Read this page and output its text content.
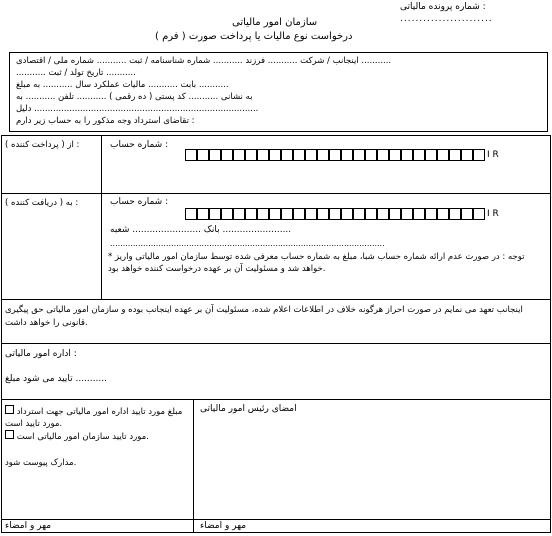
شماره پرونده مالیاتی :
........................
سازمان امور مالیاتی
( فرم ) درخواست نوع مالیات یا پرداخت صورت
اینجانب / شرکت ........... فرزند ........... شماره شناسنامه / ثبت ........... شماره ملی / اقتصادی ...........
........... تاریخ تولد / ثبت ...........
بابت ........... مالیات عملکرد سال ........... به مبلغ ...........
به نشانی ........... کد پستی ( ده رقمی ) ........... تلفن ........... به
دلیل ...................................................................................
تقاضای استرداد وجه مذکور را به حساب زیر دارم :
از ( پرداخت کننده ) :	شماره حساب :
I R
به ( دریافت کننده ) :	شماره حساب :
I R
بانک ........................ شعبه ........................
............................................................................................................
* توجه : در صورت عدم ارائه شماره حساب شبا، مبلغ به شماره حساب معرفی شده توسط سازمان امور مالیاتی واریز خواهد شد و مسئولیت آن بر عهده درخواست کننده خواهد بود.
اینجانب تعهد می نمایم در صورت احراز هرگونه خلاف در اطلاعات اعلام شده، مسئولیت آن بر عهده اینجانب بوده و سازمان امور مالیاتی حق پیگیری قانونی را خواهد داشت.
اداره امور مالیاتی :
تایید می شود مبلغ ...........
مبلغ مورد تایید اداره امور مالیاتی جهت استرداد
مورد تایید است.
مورد تایید سازمان امور مالیاتی است.
مدارک پیوست شود.
امضای رئیس امور مالیاتی
مهر و امضاء	مهر و امضاء
